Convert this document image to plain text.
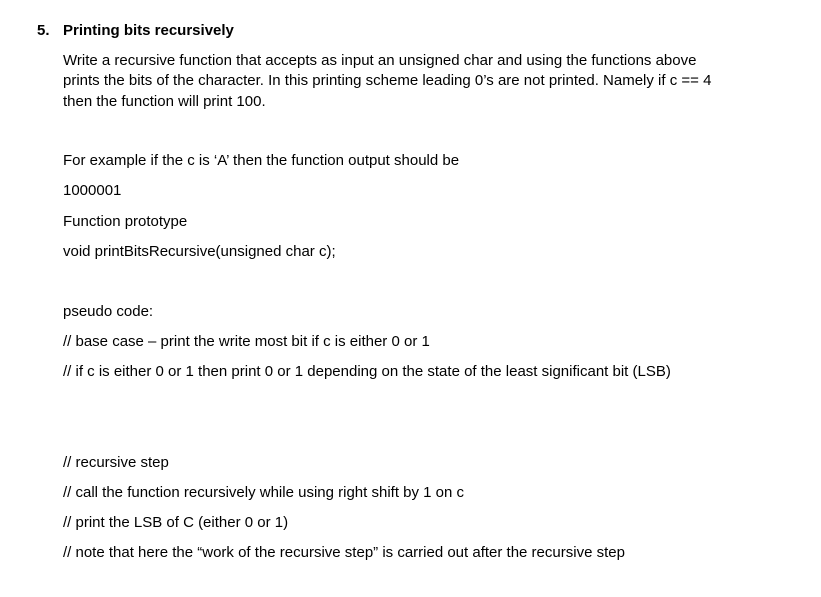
5. Printing bits recursively
Write a recursive function that accepts as input an unsigned char and using the functions above
prints the bits of the character. In this printing scheme leading 0’s are not printed. Namely if c == 4
then the function will print 100.
For example if the c is ‘A’ then the function output should be
1000001
Function prototype
void printBitsRecursive(unsigned char c);
pseudo code:
// base case – print the write most bit if c is either 0 or 1
// if c is either 0 or 1 then print 0 or 1 depending on the state of the least significant bit (LSB)
// recursive step
// call the function recursively while using right shift by 1 on c
// print the LSB of C (either 0 or 1)
// note that here the “work of the recursive step” is carried out after the recursive step
